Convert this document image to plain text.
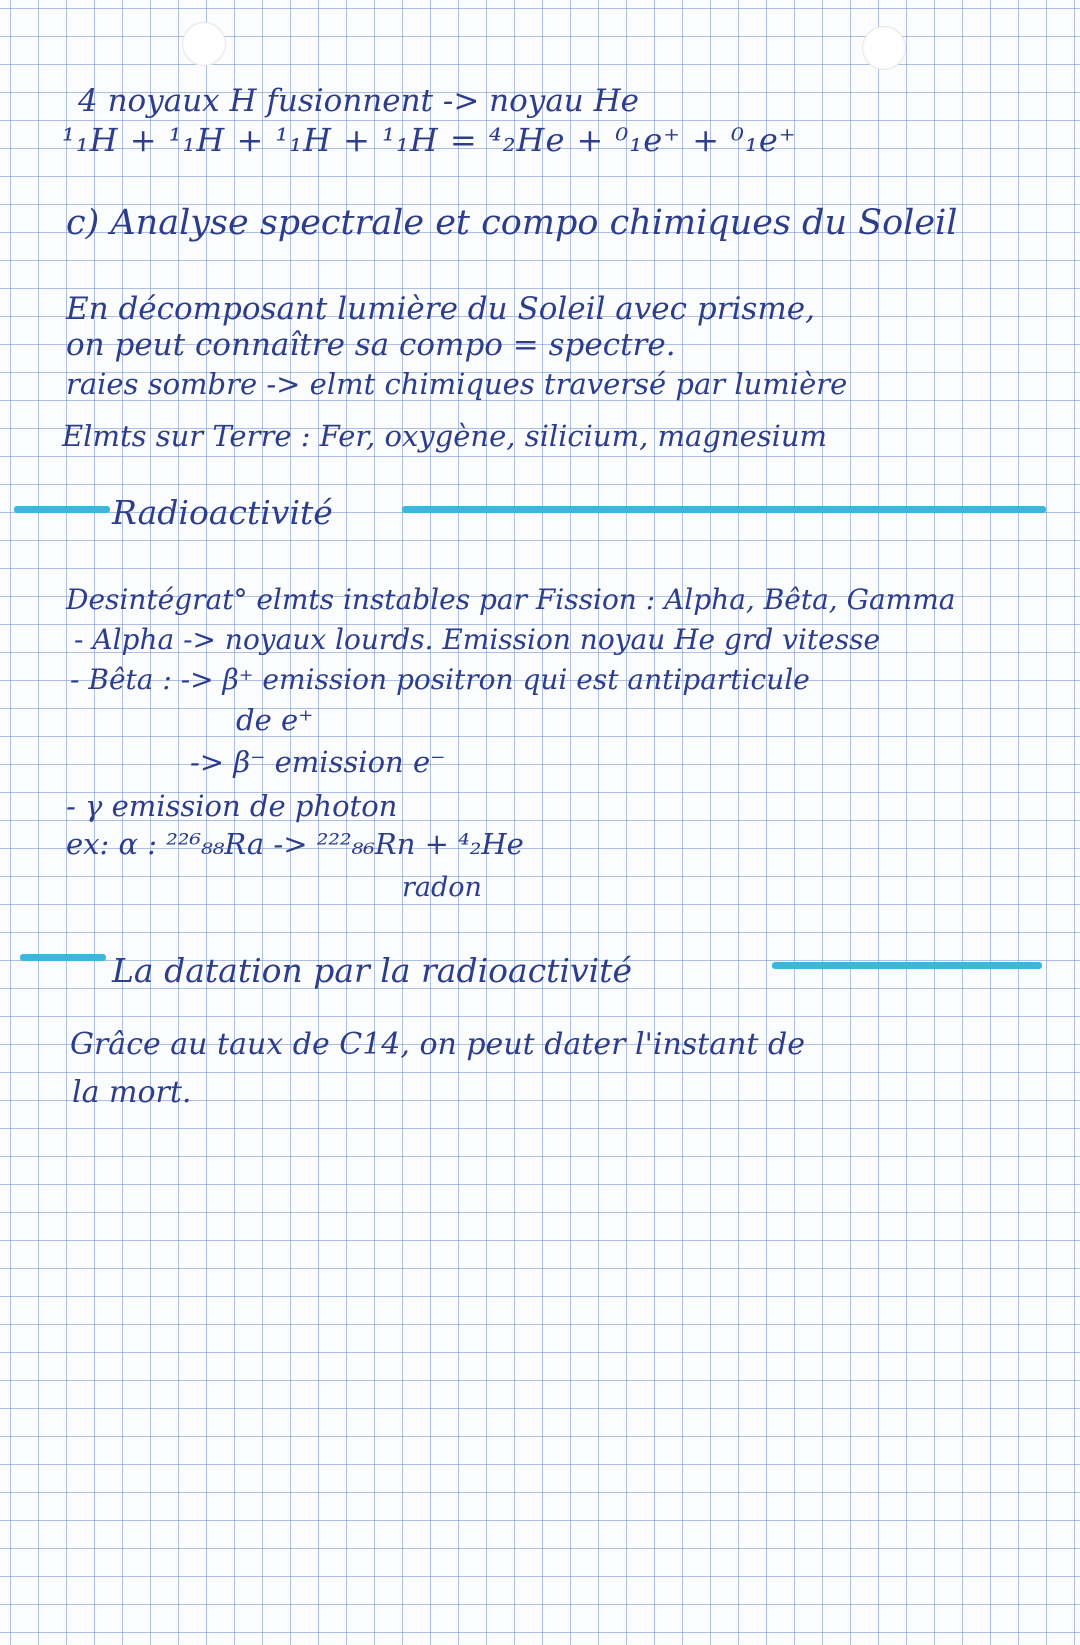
4 noyaux H fusionnent -> noyau He
¹₁H + ¹₁H + ¹₁H + ¹₁H = ⁴₂He + ⁰₁e⁺ + ⁰₁e⁺
c) Analyse spectrale et compo chimiques du Soleil
En décomposant lumière du Soleil avec prisme,
on peut connaître sa compo = spectre.
raies sombre -> elmt chimiques traversé par lumière
Elmts sur Terre : Fer, oxygène, silicium, magnesium
Radioactivité
Desintégrat° elmts instables par Fission : Alpha, Bêta, Gamma
- Alpha -> noyaux lourds. Emission noyau He grd vitesse
- Bêta : -> β⁺ emission positron qui est antiparticule
de e⁺
-> β⁻ emission e⁻
- γ emission de photon
ex: α : ²²⁶₈₈Ra -> ²²²₈₆Rn + ⁴₂He
radon
La datation par la radioactivité
Grâce au taux de C14, on peut dater l'instant de
la mort.
